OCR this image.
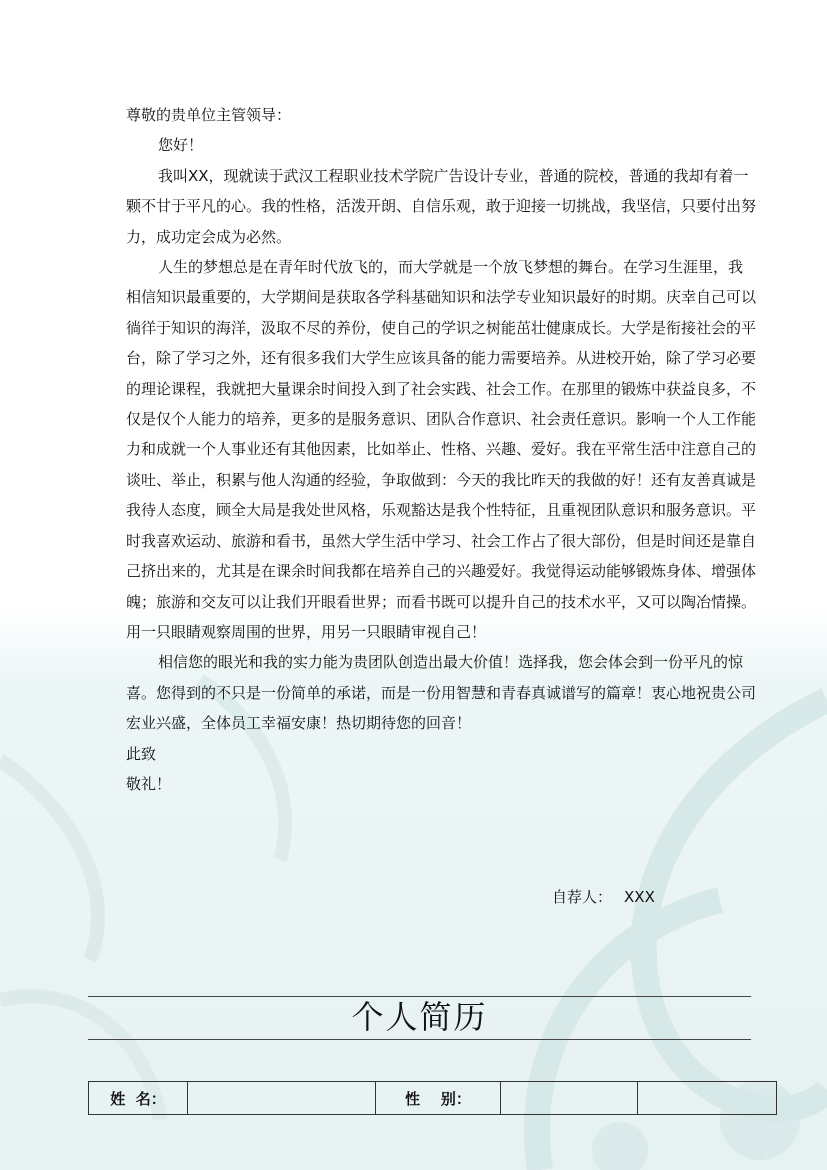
尊敬的贵单位主管领导：

您好！

我叫XX，现就读于武汉工程职业技术学院广告设计专业，普通的院校，普通的我却有着一颗不甘于平凡的心。我的性格，活泼开朗、自信乐观，敢于迎接一切挑战，我坚信，只要付出努力，成功定会成为必然。

人生的梦想总是在青年时代放飞的，而大学就是一个放飞梦想的舞台。在学习生涯里，我相信知识最重要的，大学期间是获取各学科基础知识和法学专业知识最好的时期。庆幸自己可以徜徉于知识的海洋，汲取不尽的养份，使自己的学识之树能茁壮健康成长。大学是衔接社会的平台，除了学习之外，还有很多我们大学生应该具备的能力需要培养。从进校开始，除了学习必要的理论课程，我就把大量课余时间投入到了社会实践、社会工作。在那里的锻炼中获益良多，不仅是仅个人能力的培养，更多的是服务意识、团队合作意识、社会责任意识。影响一个人工作能力和成就一个人事业还有其他因素，比如举止、性格、兴趣、爱好。我在平常生活中注意自己的谈吐、举止，积累与他人沟通的经验，争取做到：今天的我比昨天的我做的好！还有友善真诚是我待人态度，顾全大局是我处世风格，乐观豁达是我个性特征，且重视团队意识和服务意识。平时我喜欢运动、旅游和看书，虽然大学生活中学习、社会工作占了很大部份，但是时间还是靠自己挤出来的，尤其是在课余时间我都在培养自己的兴趣爱好。我觉得运动能够锻炼身体、增强体魄；旅游和交友可以让我们开眼看世界；而看书既可以提升自己的技术水平，又可以陶冶情操。用一只眼睛观察周围的世界，用另一只眼睛审视自己！

相信您的眼光和我的实力能为贵团队创造出最大价值！选择我，您会体会到一份平凡的惊喜。您得到的不只是一份简单的承诺，而是一份用智慧和青春真诚谱写的篇章！衷心地祝贵公司宏业兴盛，全体员工幸福安康！热切期待您的回音！

此致

敬礼！

自荐人： XXX
个人简历
姓  名：		性    别：		
